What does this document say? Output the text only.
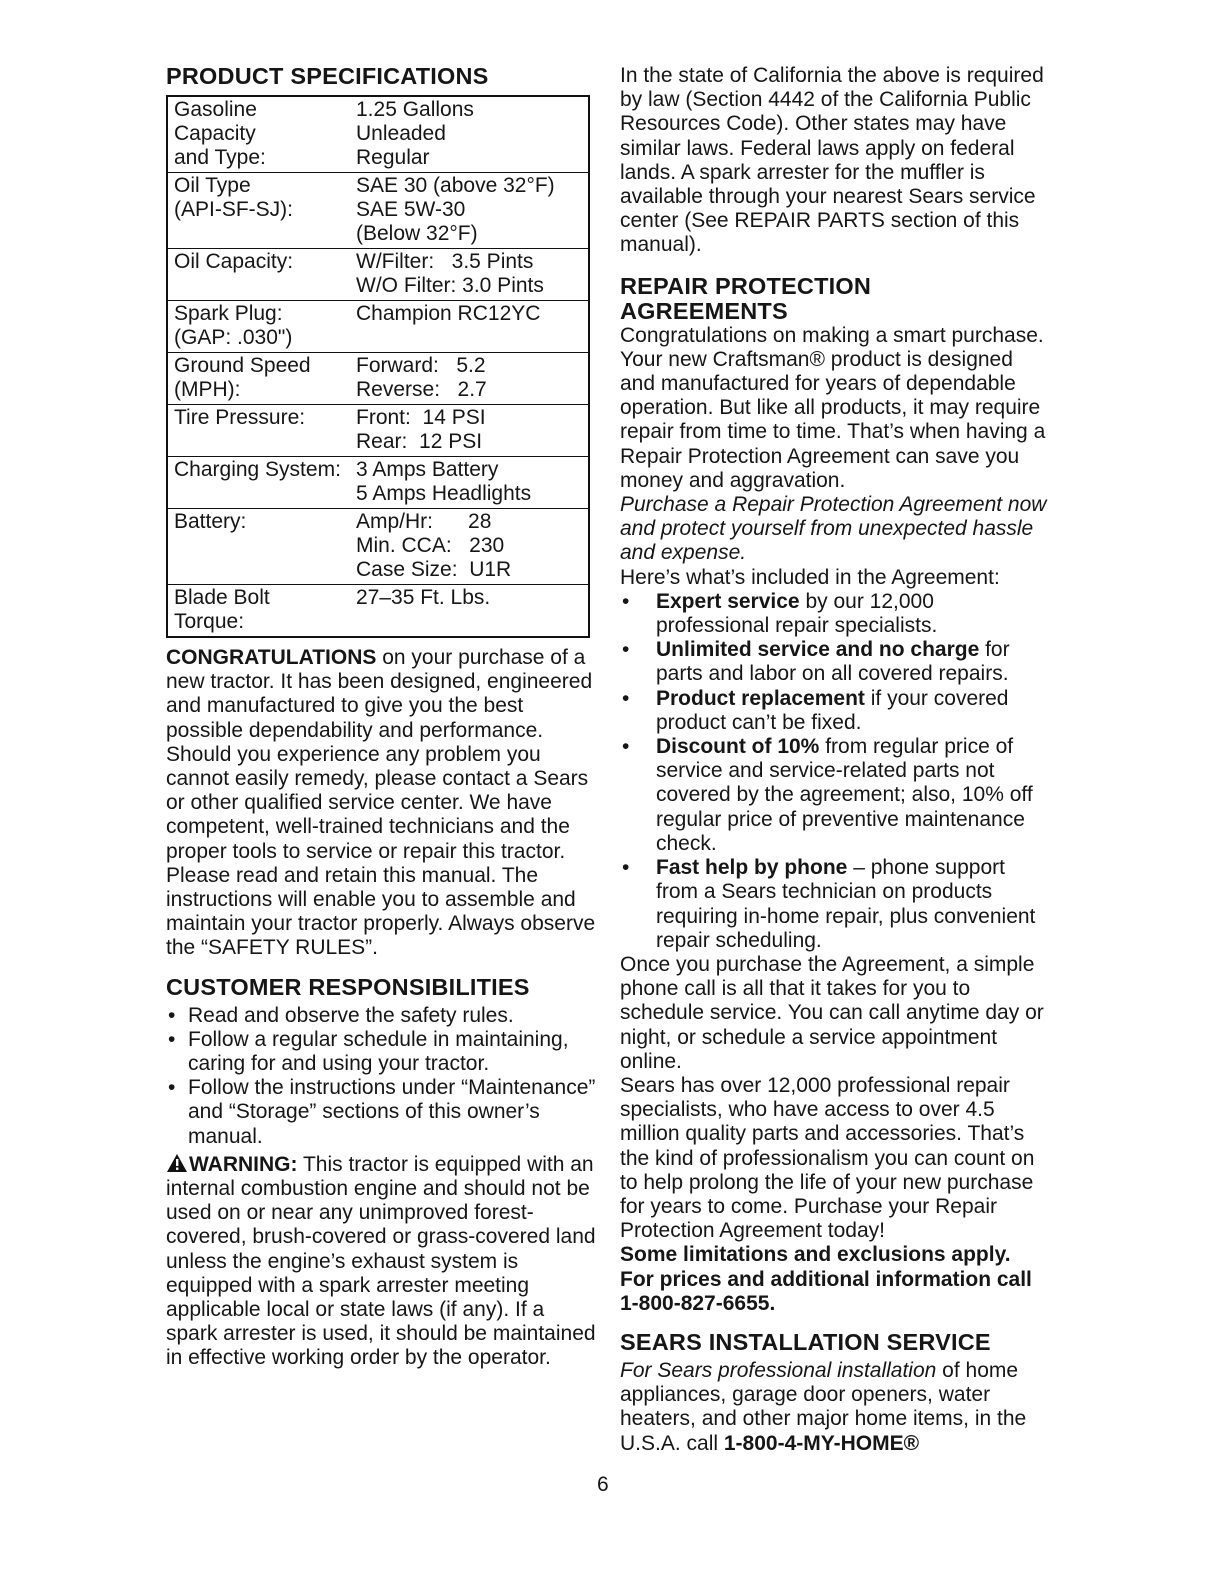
PRODUCT SPECIFICATIONS
Gasoline
Capacity
and Type:	1.25 Gallons
Unleaded
Regular

Oil Type
(API-SF-SJ):	SAE 30 (above 32°F)
SAE 5W-30
(Below 32°F)

Oil Capacity:	W/Filter:   3.5 Pints
W/O Filter: 3.0 Pints

Spark Plug:
(GAP: .030")	Champion RC12YC

Ground Speed
(MPH):	Forward:   5.2
Reverse:   2.7

Tire Pressure:	Front:  14 PSI
Rear:  12 PSI

Charging System:	3 Amps Battery
5 Amps Headlights

Battery:	Amp/Hr:      28
Min. CCA:   230
Case Size:  U1R

Blade Bolt
Torque:	27–35 Ft. Lbs.

CONGRATULATIONS on your purchase of a new tractor. It has been designed, engineered and manufactured to give you the best possible dependability and performance.

Should you experience any problem you cannot easily remedy, please contact a Sears or other qualified service center. We have competent, well-trained technicians and the proper tools to service or repair this tractor.

Please read and retain this manual. The instructions will enable you to assemble and maintain your tractor properly. Always observe the “SAFETY RULES”.

CUSTOMER RESPONSIBILITIES
• Read and observe the safety rules.
• Follow a regular schedule in maintaining, caring for and using your tractor.
• Follow the instructions under “Maintenance” and “Storage” sections of this owner’s manual.

WARNING: This tractor is equipped with an internal combustion engine and should not be used on or near any unimproved forest-covered, brush-covered or grass-covered land unless the engine’s exhaust system is equipped with a spark arrester meeting applicable local or state laws (if any). If a spark arrester is used, it should be maintained in effective working order by the operator.

In the state of California the above is required by law (Section 4442 of the California Public Resources Code). Other states may have similar laws. Federal laws apply on federal lands. A spark arrester for the muffler is available through your nearest Sears service center (See REPAIR PARTS section of this manual).

REPAIR PROTECTION
AGREEMENTS

Congratulations on making a smart purchase. Your new Craftsman® product is designed and manufactured for years of dependable operation. But like all products, it may require repair from time to time. That’s when having a Repair Protection Agreement can save you money and aggravation.

Purchase a Repair Protection Agreement now and protect yourself from unexpected hassle and expense.

Here’s what’s included in the Agreement:

• Expert service by our 12,000 professional repair specialists.
• Unlimited service and no charge for parts and labor on all covered repairs.
• Product replacement if your covered product can’t be fixed.
• Discount of 10% from regular price of service and service-related parts not covered by the agreement; also, 10% off regular price of preventive maintenance check.
• Fast help by phone – phone support from a Sears technician on products requiring in-home repair, plus convenient repair scheduling.

Once you purchase the Agreement, a simple phone call is all that it takes for you to schedule service. You can call anytime day or night, or schedule a service appointment online.

Sears has over 12,000 professional repair specialists, who have access to over 4.5 million quality parts and accessories. That’s the kind of professionalism you can count on to help prolong the life of your new purchase for years to come. Purchase your Repair Protection Agreement today!

Some limitations and exclusions apply. For prices and additional information call 1-800-827-6655.

SEARS INSTALLATION SERVICE

For Sears professional installation of home appliances, garage door openers, water heaters, and other major home items, in the U.S.A. call 1-800-4-MY-HOME®

6
